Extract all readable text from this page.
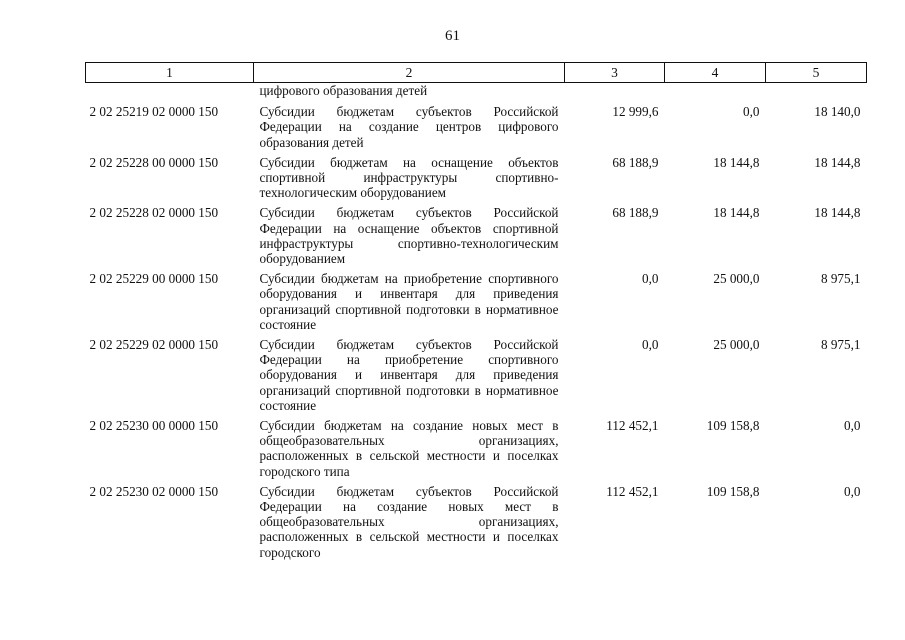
61
1	2	3	4	5
	цифрового образования детей			
2 02 25219 02 0000 150	Субсидии бюджетам субъектов Российской Федерации на создание центров цифрового образования детей	12 999,6	0,0	18 140,0
2 02 25228 00 0000 150	Субсидии бюджетам на оснащение объектов спортивной инфраструктуры спортивно-технологическим оборудованием	68 188,9	18 144,8	18 144,8
2 02 25228 02 0000 150	Субсидии бюджетам субъектов Российской Федерации на оснащение объектов спортивной инфраструктуры спортивно-технологическим оборудованием	68 188,9	18 144,8	18 144,8
2 02 25229 00 0000 150	Субсидии бюджетам на приобретение спортивного оборудования и инвентаря для приведения организаций спортивной подготовки в нормативное состояние	0,0	25 000,0	8 975,1
2 02 25229 02 0000 150	Субсидии бюджетам субъектов Российской Федерации на приобретение спортивного оборудования и инвентаря для приведения организаций спортивной подготовки в нормативное состояние	0,0	25 000,0	8 975,1
2 02 25230 00 0000 150	Субсидии бюджетам на создание новых мест в общеобразовательных организациях, расположенных в сельской местности и поселках городского типа	112 452,1	109 158,8	0,0
2 02 25230 02 0000 150	Субсидии бюджетам субъектов Российской Федерации на создание новых мест в общеобразовательных организациях, расположенных в сельской местности и поселках городского	112 452,1	109 158,8	0,0
